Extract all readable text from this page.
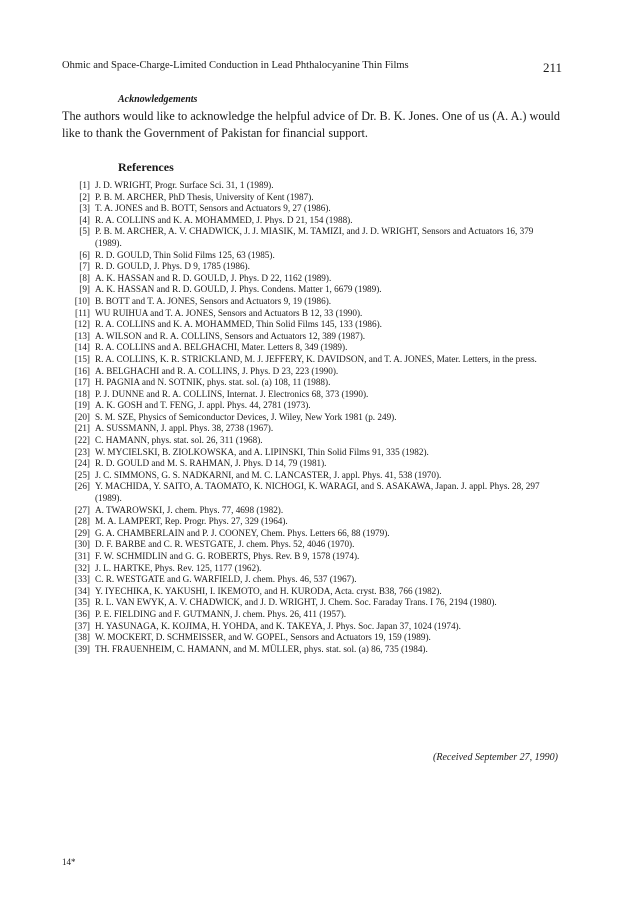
Ohmic and Space-Charge-Limited Conduction in Lead Phthalocyanine Thin Films	211
Acknowledgements
The authors would like to acknowledge the helpful advice of Dr. B. K. Jones. One of us (A. A.) would like to thank the Government of Pakistan for financial support.
References
[1] J. D. WRIGHT, Progr. Surface Sci. 31, 1 (1989).
[2] P. B. M. ARCHER, PhD Thesis, University of Kent (1987).
[3] T. A. JONES and B. BOTT, Sensors and Actuators 9, 27 (1986).
[4] R. A. COLLINS and K. A. MOHAMMED, J. Phys. D 21, 154 (1988).
[5] P. B. M. ARCHER, A. V. CHADWICK, J. J. MIASIK, M. TAMIZI, and J. D. WRIGHT, Sensors and Actuators 16, 379 (1989).
[6] R. D. GOULD, Thin Solid Films 125, 63 (1985).
[7] R. D. GOULD, J. Phys. D 9, 1785 (1986).
[8] A. K. HASSAN and R. D. GOULD, J. Phys. D 22, 1162 (1989).
[9] A. K. HASSAN and R. D. GOULD, J. Phys. Condens. Matter 1, 6679 (1989).
[10] B. BOTT and T. A. JONES, Sensors and Actuators 9, 19 (1986).
[11] WU RUIHUA and T. A. JONES, Sensors and Actuators B 12, 33 (1990).
[12] R. A. COLLINS and K. A. MOHAMMED, Thin Solid Films 145, 133 (1986).
[13] A. WILSON and R. A. COLLINS, Sensors and Actuators 12, 389 (1987).
[14] R. A. COLLINS and A. BELGHACHI, Mater. Letters 8, 349 (1989).
[15] R. A. COLLINS, K. R. STRICKLAND, M. J. JEFFERY, K. DAVIDSON, and T. A. JONES, Mater. Letters, in the press.
[16] A. BELGHACHI and R. A. COLLINS, J. Phys. D 23, 223 (1990).
[17] H. PAGNIA and N. SOTNIK, phys. stat. sol. (a) 108, 11 (1988).
[18] P. J. DUNNE and R. A. COLLINS, Internat. J. Electronics 68, 373 (1990).
[19] A. K. GOSH and T. FENG, J. appl. Phys. 44, 2781 (1973).
[20] S. M. SZE, Physics of Semiconductor Devices, J. Wiley, New York 1981 (p. 249).
[21] A. SUSSMANN, J. appl. Phys. 38, 2738 (1967).
[22] C. HAMANN, phys. stat. sol. 26, 311 (1968).
[23] W. MYCIELSKI, B. ZIOLKOWSKA, and A. LIPINSKI, Thin Solid Films 91, 335 (1982).
[24] R. D. GOULD and M. S. RAHMAN, J. Phys. D 14, 79 (1981).
[25] J. C. SIMMONS, G. S. NADKARNI, and M. C. LANCASTER, J. appl. Phys. 41, 538 (1970).
[26] Y. MACHIDA, Y. SAITO, A. TAOMATO, K. NICHOGI, K. WARAGI, and S. ASAKAWA, Japan. J. appl. Phys. 28, 297 (1989).
[27] A. TWAROWSKI, J. chem. Phys. 77, 4698 (1982).
[28] M. A. LAMPERT, Rep. Progr. Phys. 27, 329 (1964).
[29] G. A. CHAMBERLAIN and P. J. COONEY, Chem. Phys. Letters 66, 88 (1979).
[30] D. F. BARBE and C. R. WESTGATE, J. chem. Phys. 52, 4046 (1970).
[31] F. W. SCHMIDLIN and G. G. ROBERTS, Phys. Rev. B 9, 1578 (1974).
[32] J. L. HARTKE, Phys. Rev. 125, 1177 (1962).
[33] C. R. WESTGATE and G. WARFIELD, J. chem. Phys. 46, 537 (1967).
[34] Y. IYECHIKA, K. YAKUSHI, I. IKEMOTO, and H. KURODA, Acta. cryst. B38, 766 (1982).
[35] R. L. VAN EWYK, A. V. CHADWICK, and J. D. WRIGHT, J. Chem. Soc. Faraday Trans. I 76, 2194 (1980).
[36] P. E. FIELDING and F. GUTMANN, J. chem. Phys. 26, 411 (1957).
[37] H. YASUNAGA, K. KOJIMA, H. YOHDA, and K. TAKEYA, J. Phys. Soc. Japan 37, 1024 (1974).
[38] W. MOCKERT, D. SCHMEISSER, and W. GOPEL, Sensors and Actuators 19, 159 (1989).
[39] TH. FRAUENHEIM, C. HAMANN, and M. MÜLLER, phys. stat. sol. (a) 86, 735 (1984).
(Received September 27, 1990)
14*
